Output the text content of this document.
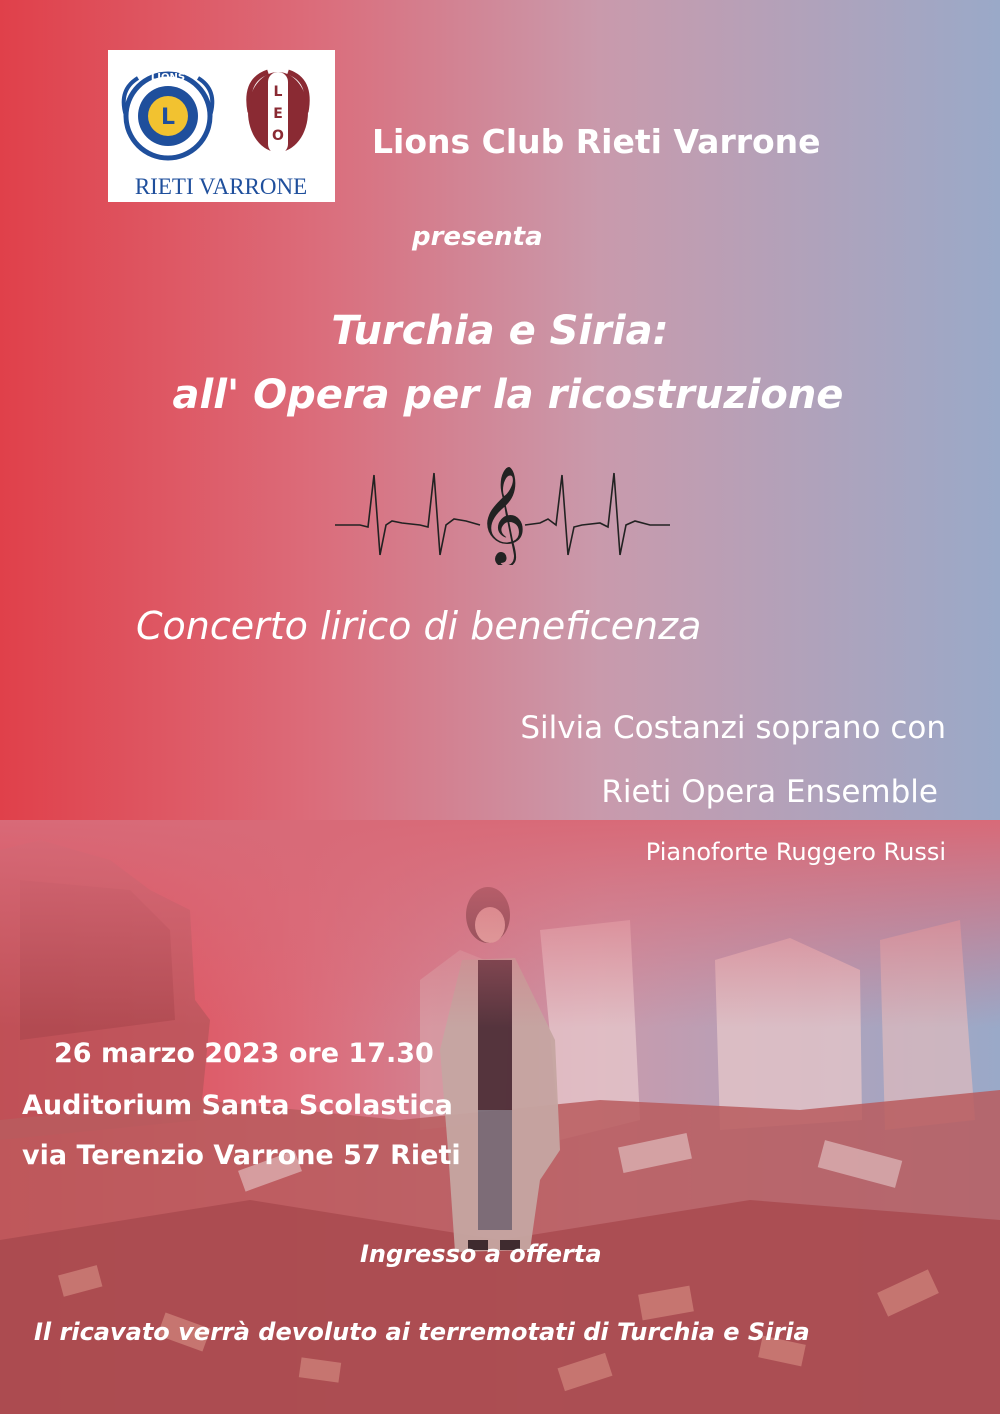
L
LIONS
L
E
O
RIETI VARRONE

Lions Club Rieti Varrone

presenta

Turchia e Siria:

all' Opera per la ricostruzione

𝄞

Concerto lirico di beneficenza

Silvia Costanzi soprano con

Rieti Opera Ensemble

Pianoforte Ruggero Russi

26 marzo 2023 ore 17.30

Auditorium Santa Scolastica

via Terenzio Varrone 57 Rieti

Ingresso a offerta

Il ricavato verrà devoluto ai terremotati di Turchia e Siria
